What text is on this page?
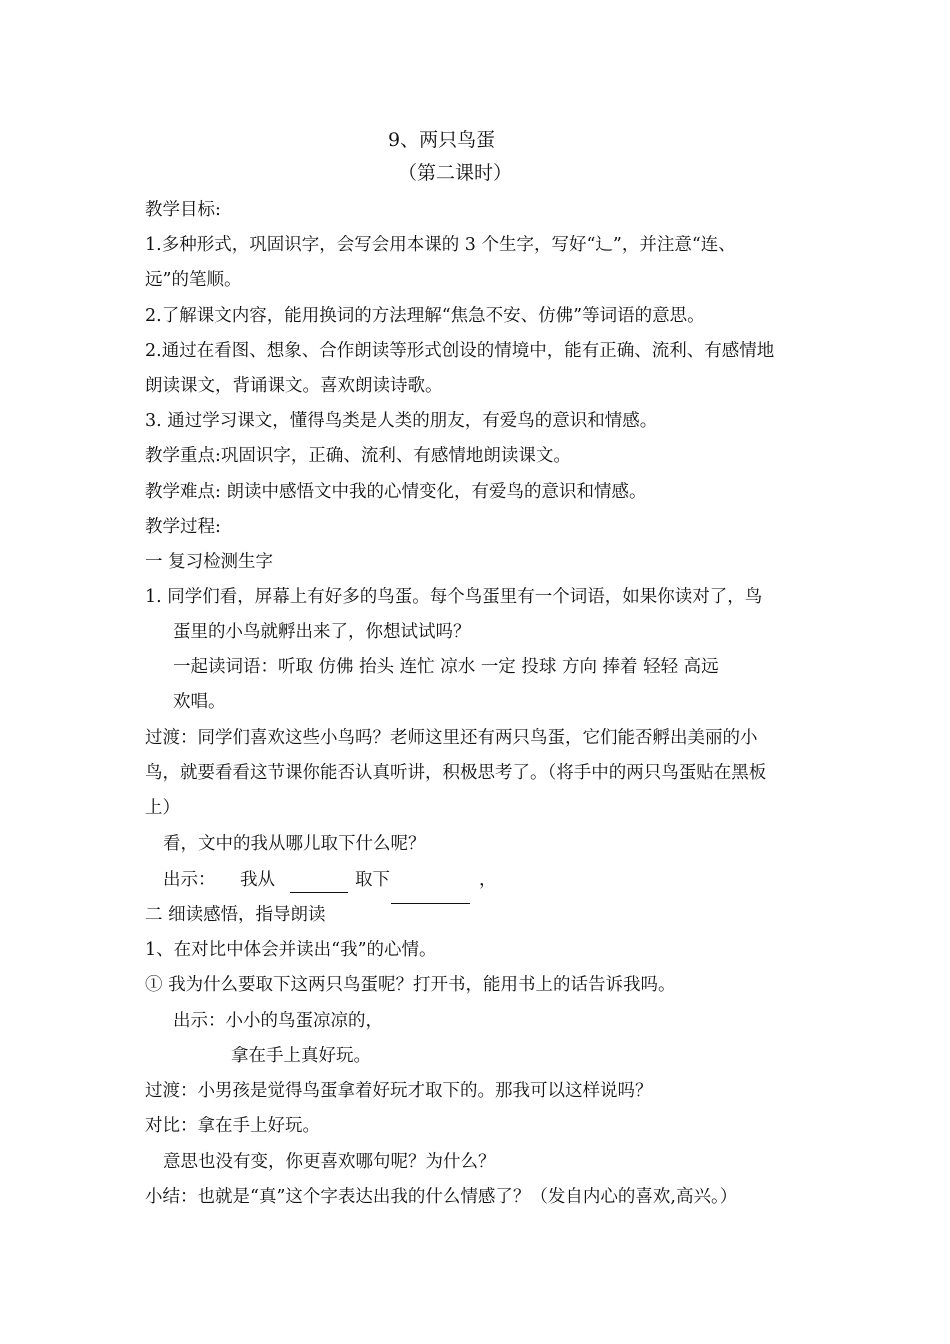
9、两只鸟蛋
（第二课时）
教学目标:
1.多种形式，巩固识字，会写会用本课的 3 个生字，写好“辶”，并注意“连、
远”的笔顺。
2.了解课文内容，能用换词的方法理解“焦急不安、仿佛”等词语的意思。
2.通过在看图、想象、合作朗读等形式创设的情境中，能有正确、流利、有感情地
朗读课文，背诵课文。喜欢朗读诗歌。
3. 通过学习课文，懂得鸟类是人类的朋友，有爱鸟的意识和情感。
教学重点:巩固识字，正确、流利、有感情地朗读课文。
教学难点: 朗读中感悟文中我的心情变化，有爱鸟的意识和情感。
教学过程:
一 复习检测生字
1. 同学们看，屏幕上有好多的鸟蛋。每个鸟蛋里有一个词语，如果你读对了，鸟
蛋里的小鸟就孵出来了，你想试试吗？
一起读词语：听取 仿佛 抬头 连忙 凉水 一定 投球 方向 捧着 轻轻 高远
欢唱。
过渡：同学们喜欢这些小鸟吗？老师这里还有两只鸟蛋，它们能否孵出美丽的小
鸟，就要看看这节课你能否认真听讲，积极思考了。（将手中的两只鸟蛋贴在黑板
上）
看，文中的我从哪儿取下什么呢？
出示： 我从	取下	，
二 细读感悟，指导朗读
1、在对比中体会并读出“我”的心情。
① 我为什么要取下这两只鸟蛋呢？打开书，能用书上的话告诉我吗。
出示：小小的鸟蛋凉凉的，
拿在手上真好玩。
过渡：小男孩是觉得鸟蛋拿着好玩才取下的。那我可以这样说吗？
对比：拿在手上好玩。
意思也没有变，你更喜欢哪句呢？为什么？
小结：也就是“真”这个字表达出我的什么情感了？（发自内心的喜欢,高兴。）
